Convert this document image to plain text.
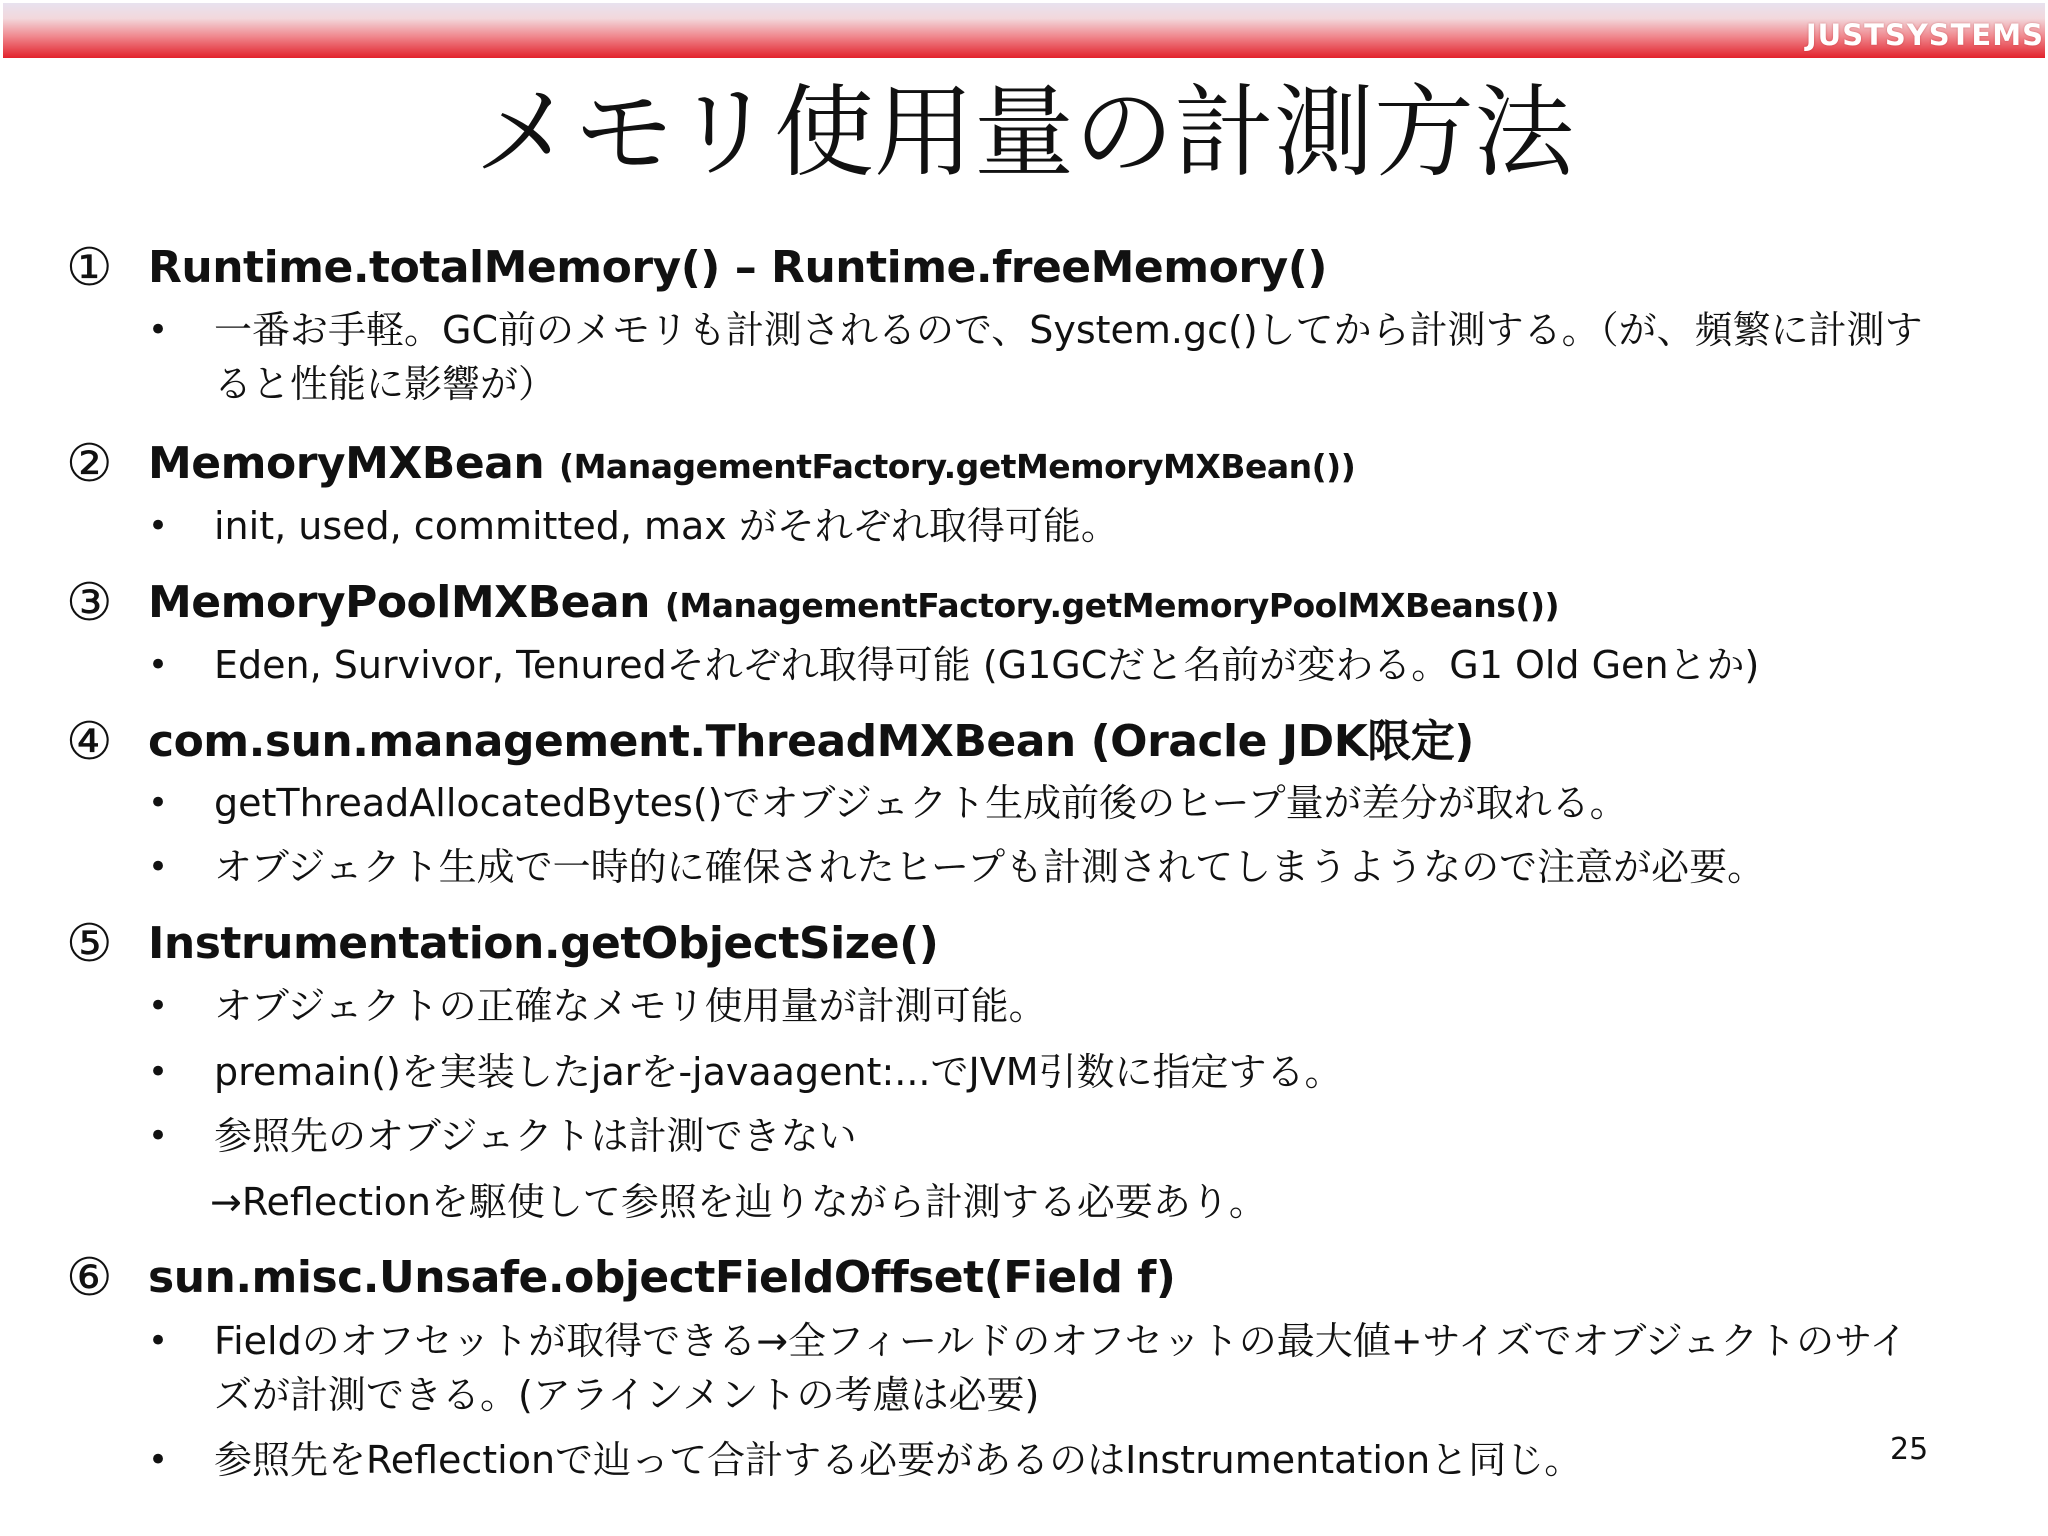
JUSTSYSTEMS
メモリ使用量の計測方法
① Runtime.totalMemory() – Runtime.freeMemory()
• 一番お手軽。GC前のメモリも計測されるので、System.gc()してから計測する。（が、頻繁に計測すると性能に影響が）
② MemoryMXBean (ManagementFactory.getMemoryMXBean())
• init, used, committed, max がそれぞれ取得可能。
③ MemoryPoolMXBean (ManagementFactory.getMemoryPoolMXBeans())
• Eden, Survivor, Tenuredそれぞれ取得可能 (G1GCだと名前が変わる。G1 Old Genとか)
④ com.sun.management.ThreadMXBean (Oracle JDK限定)
• getThreadAllocatedBytes()でオブジェクト生成前後のヒープ量が差分が取れる。
• オブジェクト生成で一時的に確保されたヒープも計測されてしまうようなので注意が必要。
⑤ Instrumentation.getObjectSize()
• オブジェクトの正確なメモリ使用量が計測可能。
• premain()を実装したjarを-javaagent:...でJVM引数に指定する。
• 参照先のオブジェクトは計測できない
→Reflectionを駆使して参照を辿りながら計測する必要あり。
⑥ sun.misc.Unsafe.objectFieldOffset(Field f)
• Fieldのオフセットが取得できる→全フィールドのオフセットの最大値+サイズでオブジェクトのサイズが計測できる。(アラインメントの考慮は必要)
• 参照先をReflectionで辿って合計する必要があるのはInstrumentationと同じ。	25
